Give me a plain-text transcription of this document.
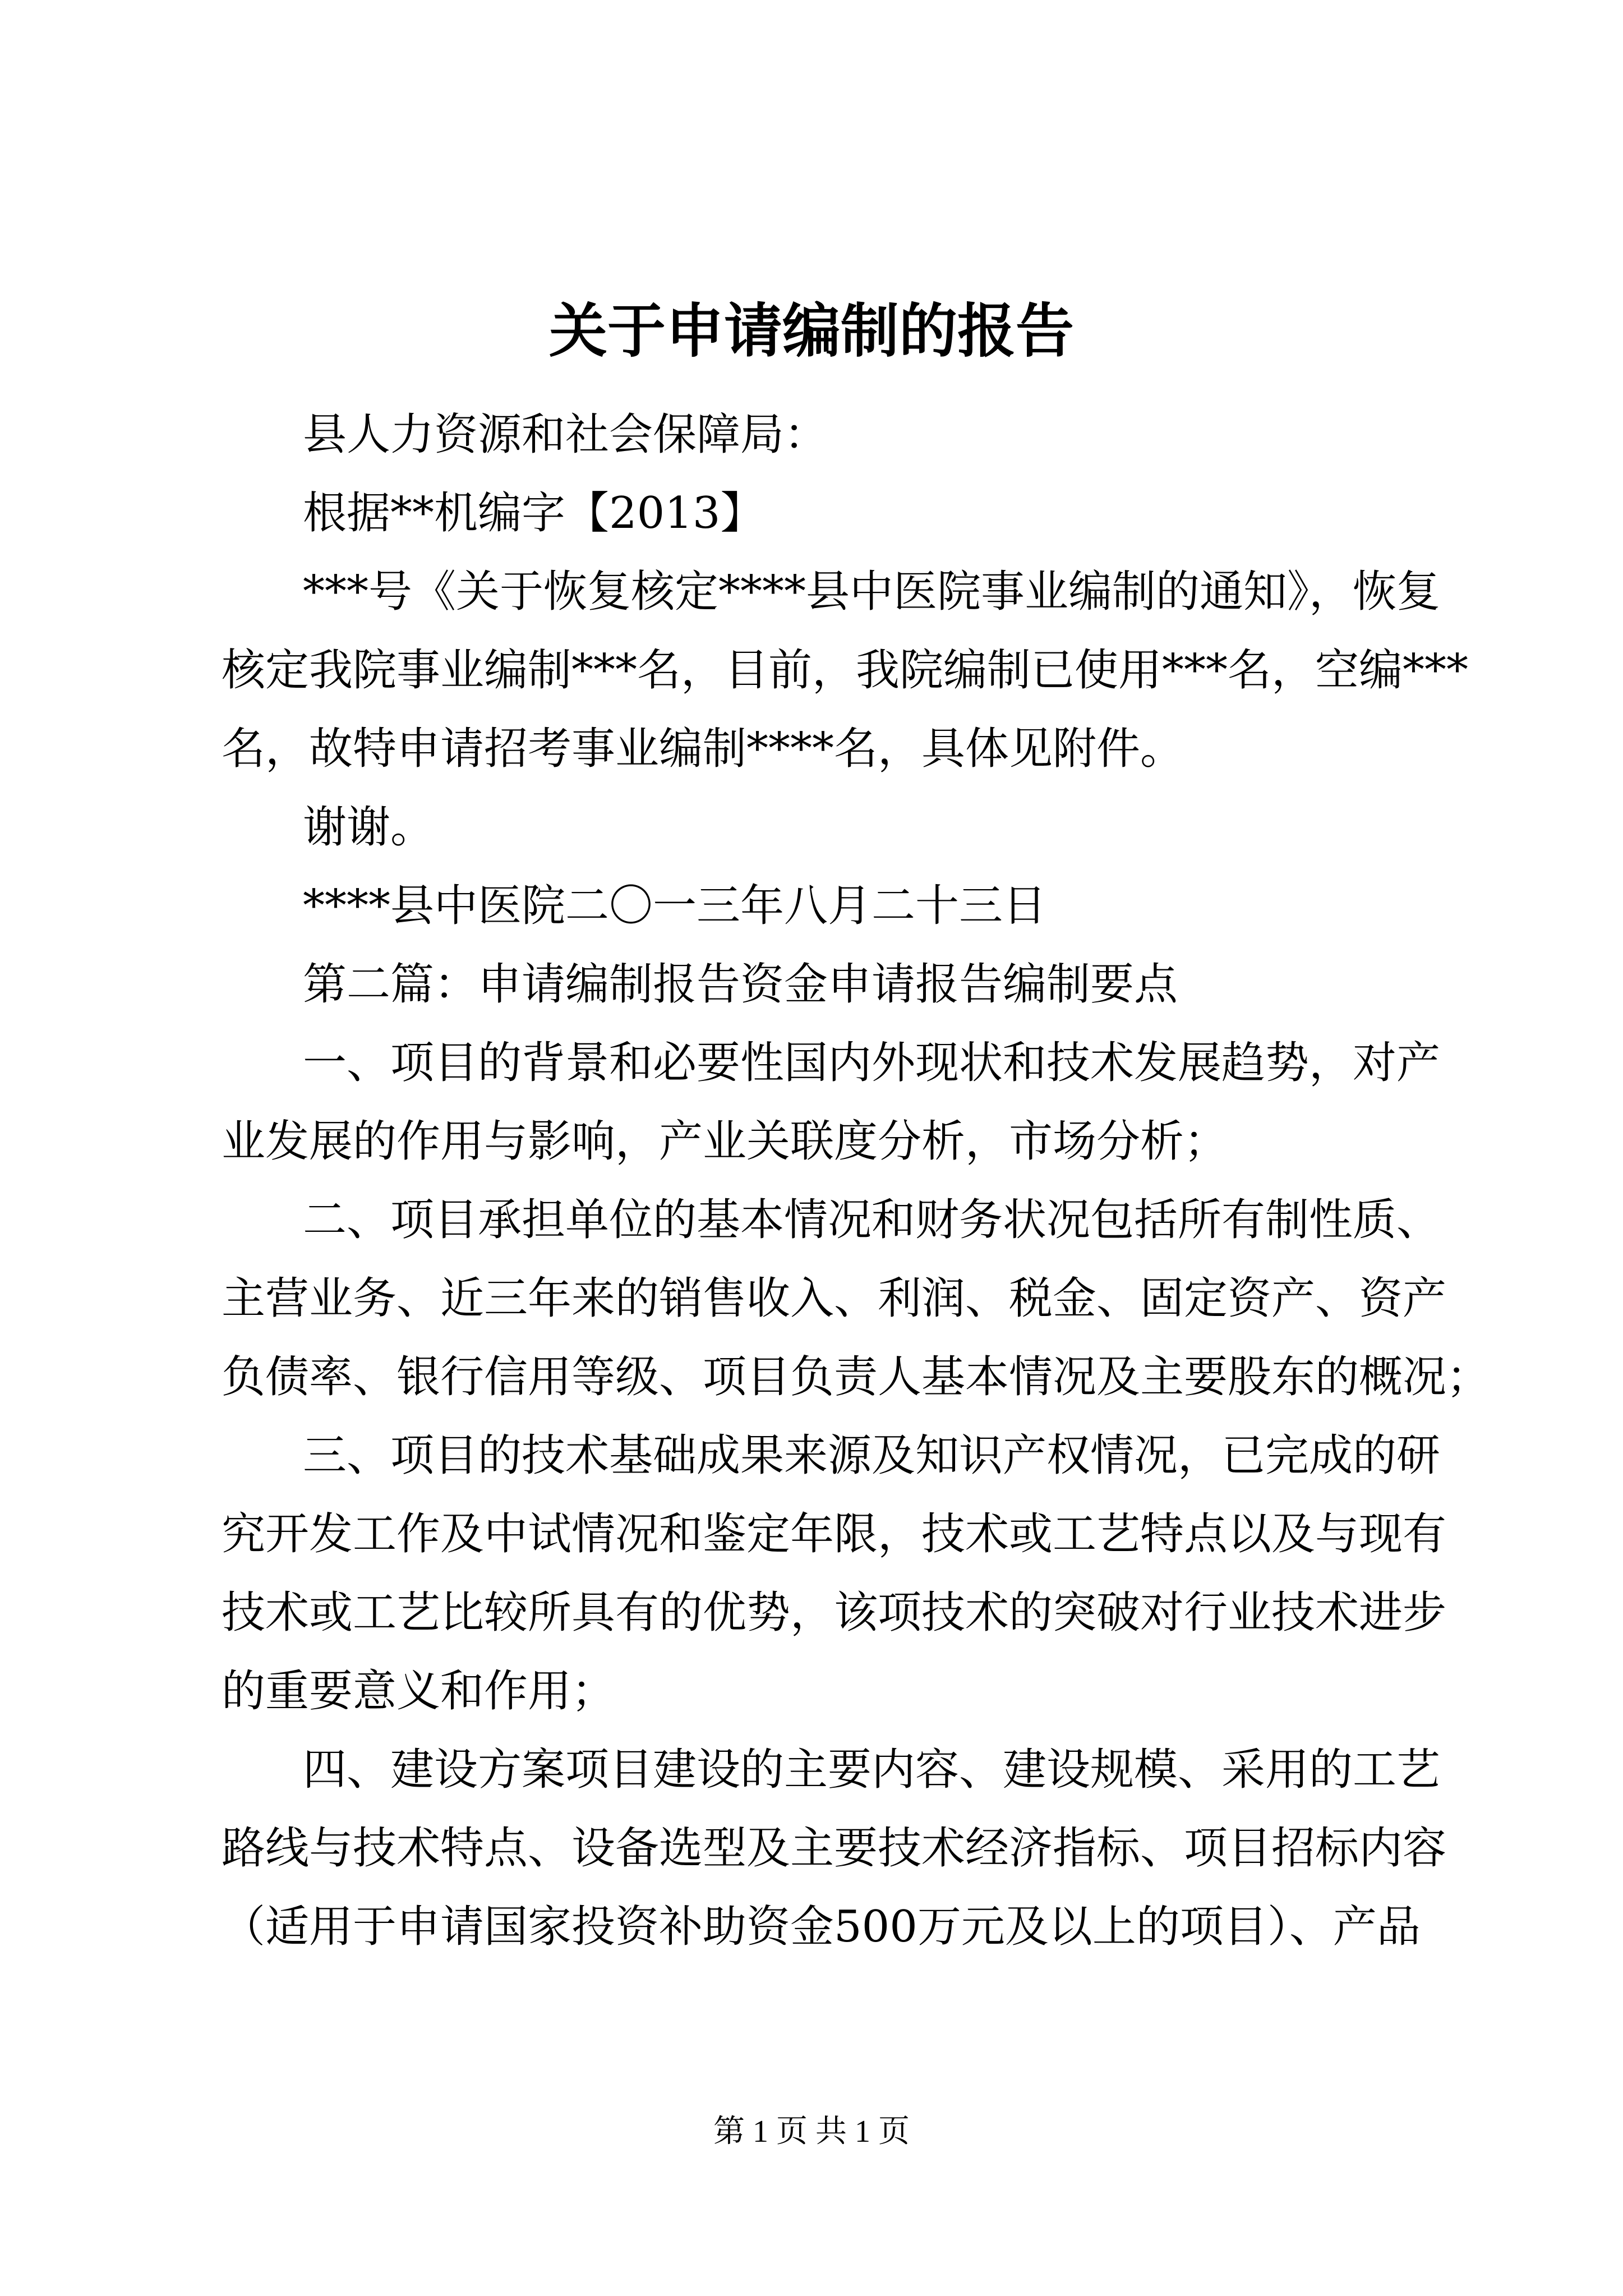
关于申请编制的报告
县人力资源和社会保障局：
根据**机编字【2013】
***号《关于恢复核定****县中医院事业编制的通知》，恢复
核定我院事业编制***名，目前，我院编制已使用***名，空编***
名，故特申请招考事业编制****名，具体见附件。
谢谢。
****县中医院二〇一三年八月二十三日
第二篇：申请编制报告资金申请报告编制要点
一、项目的背景和必要性国内外现状和技术发展趋势，对产
业发展的作用与影响，产业关联度分析，市场分析；
二、项目承担单位的基本情况和财务状况包括所有制性质、
主营业务、近三年来的销售收入、利润、税金、固定资产、资产
负债率、银行信用等级、项目负责人基本情况及主要股东的概况；
三、项目的技术基础成果来源及知识产权情况，已完成的研
究开发工作及中试情况和鉴定年限，技术或工艺特点以及与现有
技术或工艺比较所具有的优势，该项技术的突破对行业技术进步
的重要意义和作用；
四、建设方案项目建设的主要内容、建设规模、采用的工艺
路线与技术特点、设备选型及主要技术经济指标、项目招标内容
（适用于申请国家投资补助资金500万元及以上的项目）、产品
第 1 页 共 1 页
